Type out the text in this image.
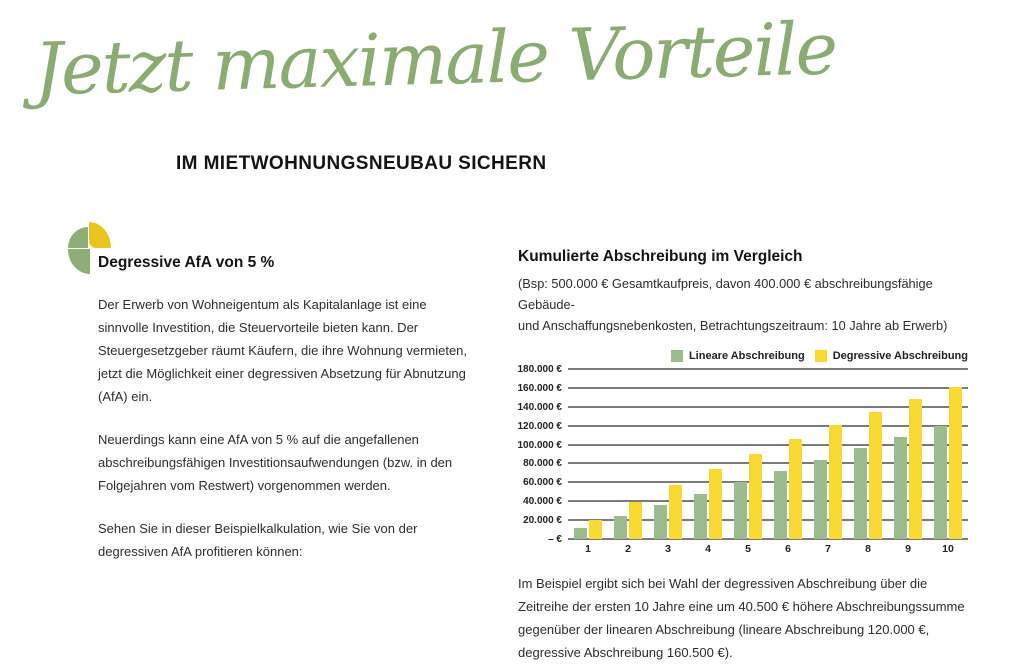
Jetzt maximale Vorteile
IM MIETWOHNUNGSNEUBAU SICHERN
Degressive AfA von 5 %

Der Erwerb von Wohneigentum als Kapitalanlage ist eine sinnvolle Investition, die Steuervorteile bieten kann. Der Steuergesetzgeber räumt Käufern, die ihre Wohnung vermieten, jetzt die Möglichkeit einer degressiven Absetzung für Abnutzung (AfA) ein.

Neuerdings kann eine AfA von 5 % auf die angefallenen abschreibungsfähigen Investitionsaufwendungen (bzw. in den Folgejahren vom Restwert) vorgenommen werden.

Sehen Sie in dieser Beispielkalkulation, wie Sie von der degressiven AfA profitieren können:

Kumulierte Abschreibung im Vergleich
(Bsp: 500.000 € Gesamtkaufpreis, davon 400.000 € abschreibungsfähige Gebäude-
und Anschaffungsnebenkosten, Betrachtungszeitraum: 10 Jahre ab Erwerb)
Lineare Abschreibung	Degressive Abschreibung
– €
20.000 €
40.000 €
60.000 €
80.000 €
100.000 €
120.000 €
140.000 €
160.000 €
180.000 €
1	2	3	4	5	6	7	8	9	10

Im Beispiel ergibt sich bei Wahl der degressiven Abschreibung über die Zeitreihe der ersten 10 Jahre eine um 40.500 € höhere Abschreibungssumme gegenüber der linearen Abschreibung (lineare Abschreibung 120.000 €, degressive Abschreibung 160.500 €).
